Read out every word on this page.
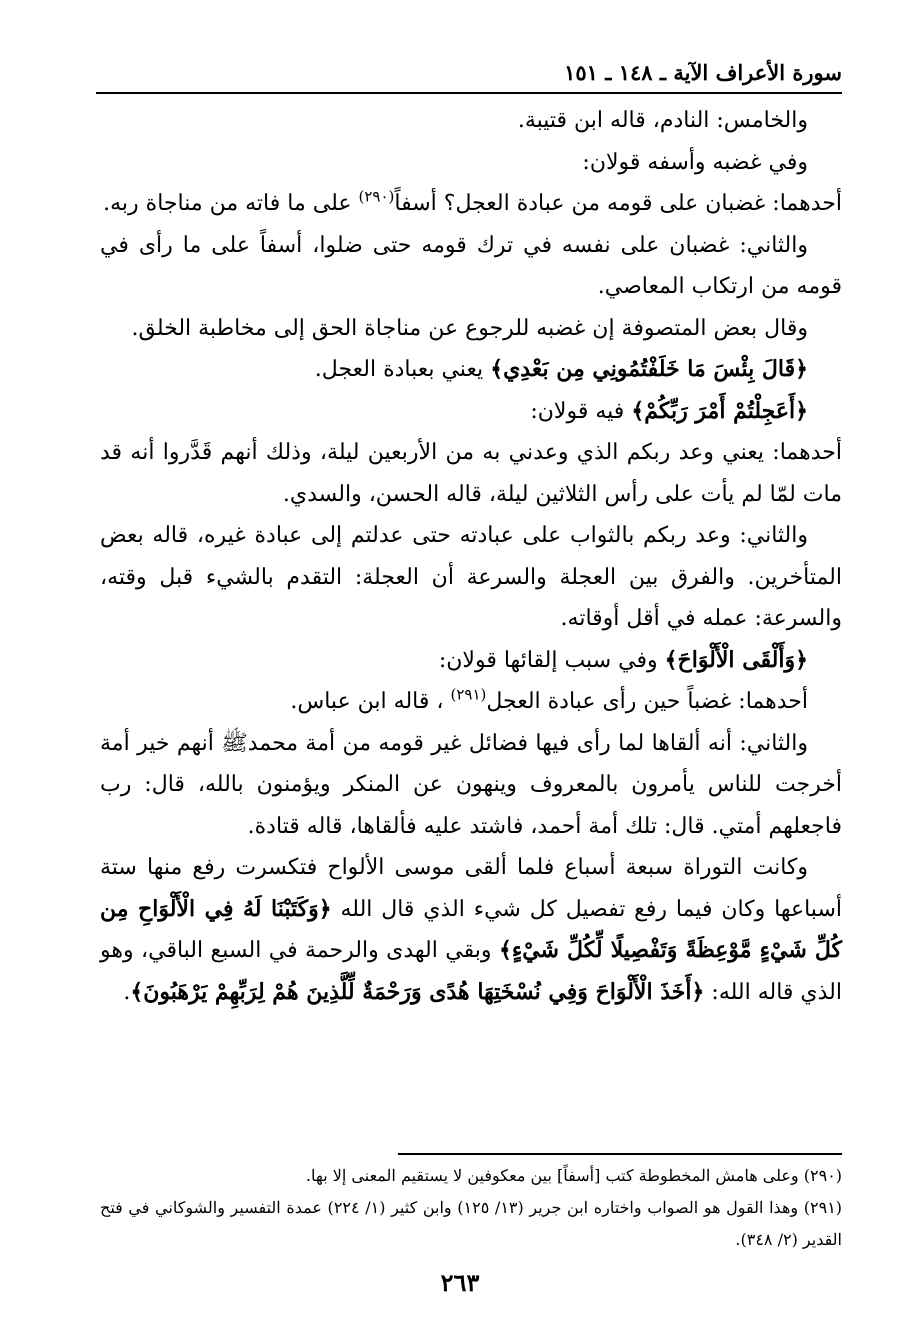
سورة الأعراف الآية ـ ١٤٨ ـ ١٥١

والخامس: النادم، قاله ابن قتيبة.

وفي غضبه وأسفه قولان:

أحدهما: غضبان على قومه من عبادة العجل؟ أسفاً$^{(٢٩٠)}$ على ما فاته من مناجاة ربه.

والثاني: غضبان على نفسه في ترك قومه حتى ضلوا، أسفاً على ما رأى في قومه من ارتكاب المعاصي.

وقال بعض المتصوفة إن غضبه للرجوع عن مناجاة الحق إلى مخاطبة الخلق.

﴿قَالَ بِئْسَ مَا خَلَفْتُمُونِي مِن بَعْدِي﴾ يعني بعبادة العجل.

﴿أَعَجِلْتُمْ أَمْرَ رَبِّكُمْ﴾ فيه قولان:

أحدهما: يعني وعد ربكم الذي وعدني به من الأربعين ليلة، وذلك أنهم قَدَّروا أنه قد مات لمّا لم يأت على رأس الثلاثين ليلة، قاله الحسن، والسدي.

والثاني: وعد ربكم بالثواب على عبادته حتى عدلتم إلى عبادة غيره، قاله بعض المتأخرين. والفرق بين العجلة والسرعة أن العجلة: التقدم بالشيء قبل وقته، والسرعة: عمله في أقل أوقاته.

﴿وَأَلْقَى الْأَلْوَاحَ﴾ وفي سبب إلقائها قولان:

أحدهما: غضباً حين رأى عبادة العجل$^{(٢٩١)}$ ، قاله ابن عباس.

والثاني: أنه ألقاها لما رأى فيها فضائل غير قومه من أمة محمدﷺ أنهم خير أمة أخرجت للناس يأمرون بالمعروف وينهون عن المنكر ويؤمنون بالله، قال: رب فاجعلهم أمتي. قال: تلك أمة أحمد، فاشتد عليه فألقاها، قاله قتادة.

وكانت التوراة سبعة أسباع فلما ألقى موسى الألواح فتكسرت رفع منها ستة أسباعها وكان فيما رفع تفصيل كل شيء الذي قال الله ﴿وَكَتَبْنَا لَهُ فِي الْأَلْوَاحِ مِن كُلِّ شَيْءٍ مَّوْعِظَةً وَتَفْصِيلًا لِّكُلِّ شَيْءٍ﴾ وبقي الهدى والرحمة في السبع الباقي، وهو الذي قاله الله: ﴿أَخَذَ الْأَلْوَاحَ وَفِي نُسْخَتِهَا هُدًى وَرَحْمَةٌ لِّلَّذِينَ هُمْ لِرَبِّهِمْ يَرْهَبُونَ﴾.

(٢٩٠) وعلى هامش المخطوطة كتب [أسفاً] بين معكوفين لا يستقيم المعنى إلا بها.

(٢٩١) وهذا القول هو الصواب واختاره ابن جرير (١٣/ ١٢٥) وابن كثير (١/ ٢٢٤) عمدة التفسير والشوكاني في فتح القدير (٢/ ٣٤٨).

٢٦٣
